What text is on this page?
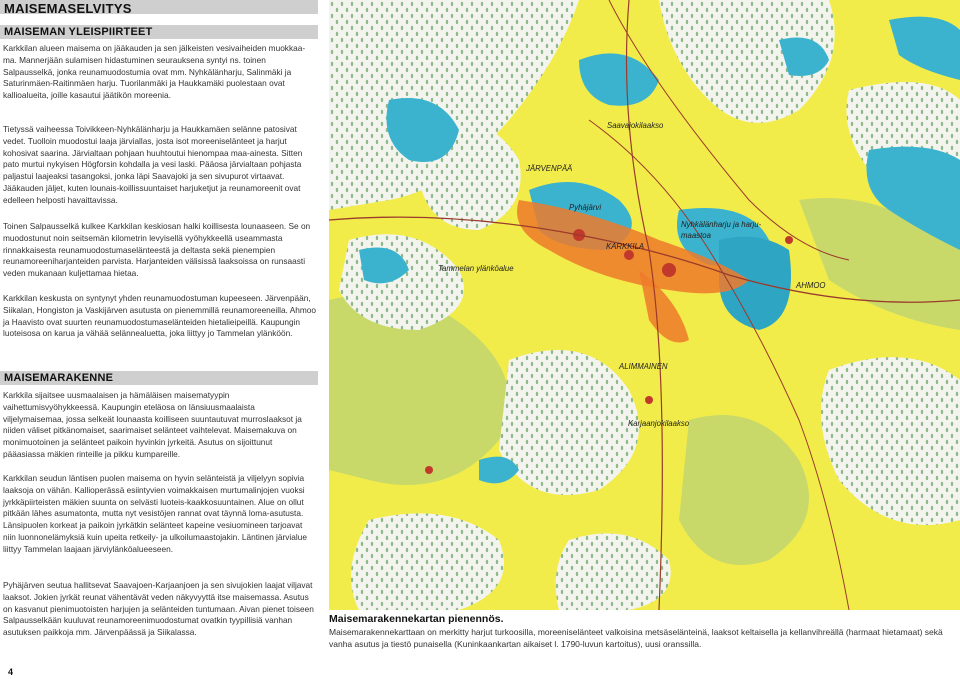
MAISEMASELVITYS
MAISEMAN YLEISPIIRTEET

Karkkilan alueen maisema on jääkauden ja sen jälkeisten vesivaiheiden muokkaa- ma. Mannerjään sulamisen hidastuminen seurauksena syntyi ns. toinen Salpausselkä, jonka reunamuodostumia ovat mm. Nyhkälänharju, Salinmäki ja Saturinmäen-Raitinmäen harju. Tuorilanmäki ja Haukkamäki puolestaan ovat kallioalueita, joille kasautui jäätikön moreenia.

Tietyssä vaiheessa Toivikkeen-Nyhkälänharju ja Haukkamäen selänne patosivat vedet. Tuolloin muodostui laaja järviallas, josta isot moreeniselänteet ja harjut kohosivat saarina. Järvialtaan pohjaan huuhtoutui hienompaa maa-ainesta. Sitten pato murtui nykyisen Högforsin kohdalla ja vesi laski. Pääosa järvialtaan pohjasta paljastui laajeaksi tasangoksi, jonka läpi Saavajoki ja sen sivupurot virtaavat. Jääkauden jäljet, kuten lounais-koillissuuntaiset harjuketjut ja reunamoreenit ovat edelleen helposti havaittavissa.

Toinen Salpausselkä kulkee Karkkilan keskiosan halki koillisesta lounaaseen. Se on muodostunut noin seitsemän kilometrin levyisellä vyöhykkeellä useammasta rinnakkaisesta reunamuodostumaselänteestä ja deltasta sekä pienempien reunamoreeniharjanteiden parvista. Harjanteiden välisissä laaksoissa on runsaasti veden mukanaan kuljettamaa hietaa.

Karkkilan keskusta on syntynyt yhden reunamuodostuman kupeeseen. Järvenpään, Siikalan, Hongiston ja Vaskijärven asutusta on pienemmillä reunamoreeneilla. Ahmoo ja Haavisto ovat suurten reunamuodostumaselänteiden hietalieipeillä. Kaupungin luoteisosa on karua ja vähää selännealuetta, joka liittyy jo Tammelan ylänköön.

MAISEMARAKENNE

Karkkila sijaitsee uusmaalaisen ja hämäläisen maisematyypin vaihettumisvyöhykkeessä. Kaupungin eteläosa on länsiuusmaalaista viljelymaisemaa, jossa selkeät lounaasta koilliseen suuntautuvat murroslaaksot ja niiden väliset pitkänomaiset, saarimaiset selänteet vaihtelevat. Maisemakuva on monimuotoinen ja selänteet paikoin hyvinkin jyrkeitä. Asutus on sijoittunut pääasiassa mäkien rinteille ja pikku kumpareille.

Karkkilan seudun läntisen puolen maisema on hyvin selänteistä ja viljelyyn sopivia laaksoja on vähän. Kallioperässä esiintyvien voimakkaisen murtumalinjojen vuoksi jyrkkäpiirteisten mäkien suunta on selvästi luoteis-kaakkosuuntainen. Alue on ollut pitkään lähes asumatonta, mutta nyt vesistöjen rannat ovat täynnä loma-asutusta. Länsipuolen korkeat ja paikoin jyrkätkin selänteet kapeine vesiuomineen tarjoavat niin luonnonelämyksiä kuin upeita retkeily- ja ulkoilumaastojakin. Läntinen järvialue liittyy Tammelan laajaan järviylänköalueeseen.

Pyhäjärven seutua hallitsevat Saavajoen-Karjaanjoen ja sen sivujokien laajat viljavat laaksot. Jokien jyrkät reunat vähentävät veden näkyvyyttä itse maisemassa. Asutus on kasvanut pienimuotoisten harjujen ja selänteiden tuntumaan. Aivan pienet toiseen Salpausselkään kuuluvat reunamoreenimuodostumat ovatkin tyypillisiä vanhan asutuksen paikkoja mm. Järvenpäässä ja Siikalassa.

4
Saavajokilaakso
JÄRVENPÄÄ
Pyhäjärvi
Nyhkälänharju ja harju-
maastoa
KARKKILA
Tammelan ylänköalue
AHMOO
ALIMMAINEN
Karjaanjokilaakso
Maisemarakennekartan pienennös.

Maisemarakennekarttaan on merkitty harjut turkoosilla, moreeniselänteet valkoisina metsäselänteinä, laaksot keltaisella ja kellanvihreällä (harmaat hietamaat) sekä vanha asutus ja tiestö punaisella (Kuninkaankartan aikaiset l. 1790-luvun kartoitus), uusi oranssilla.
